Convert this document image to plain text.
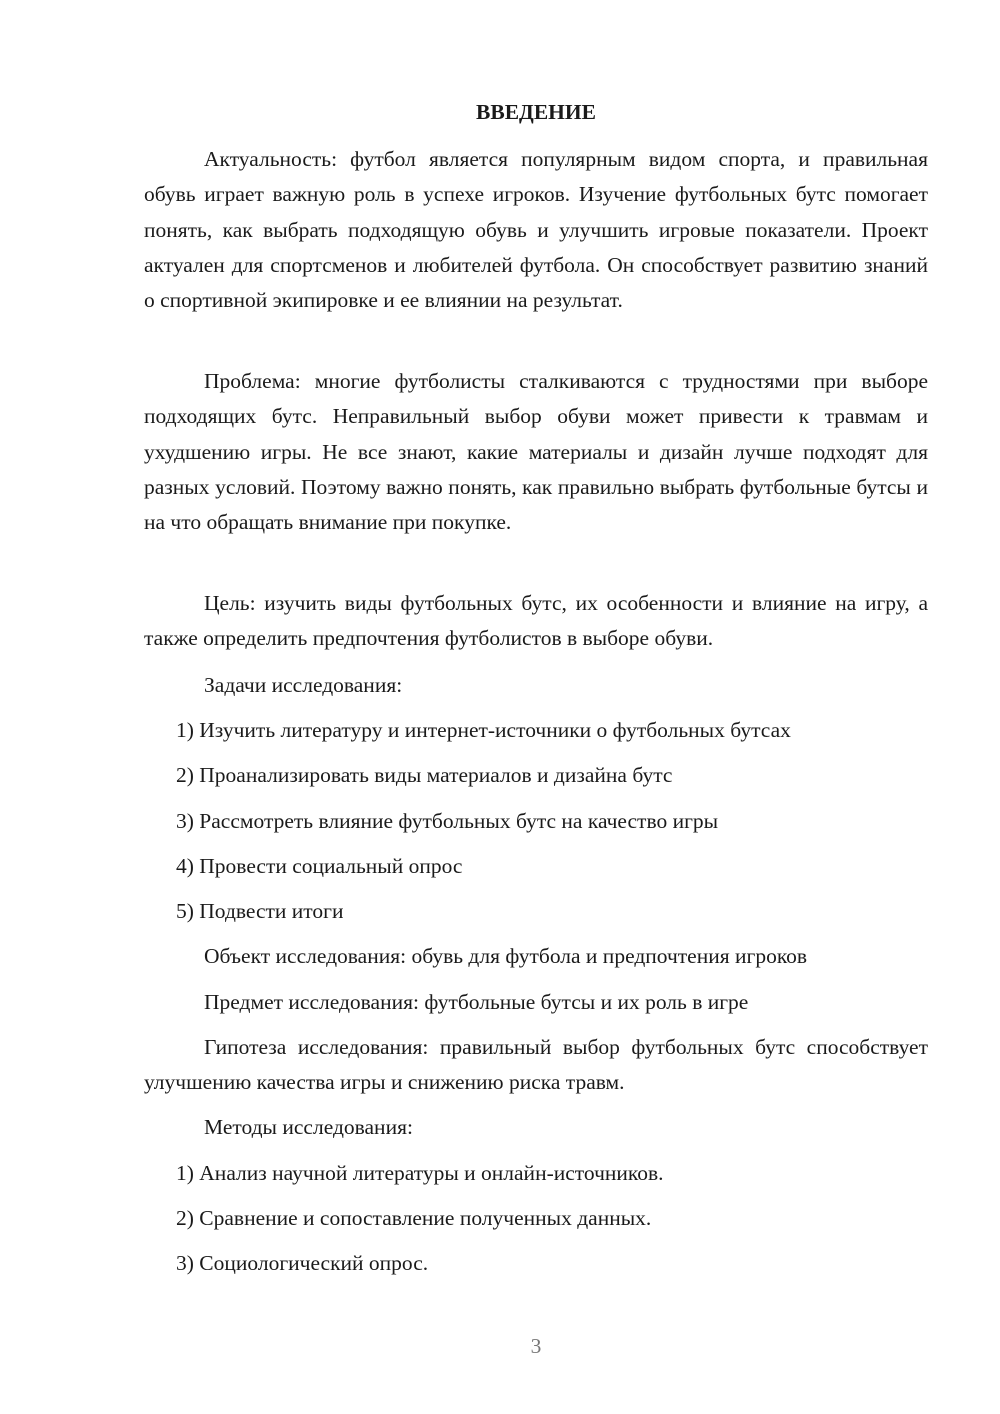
ВВЕДЕНИЕ

Актуальность: футбол является популярным видом спорта, и правильная обувь играет важную роль в успехе игроков. Изучение футбольных бутс помогает понять, как выбрать подходящую обувь и улучшить игровые показатели. Проект актуален для спортсменов и любителей футбола. Он способствует развитию знаний о спортивной экипировке и ее влиянии на результат.

Проблема: многие футболисты сталкиваются с трудностями при выборе подходящих бутс. Неправильный выбор обуви может привести к травмам и ухудшению игры. Не все знают, какие материалы и дизайн лучше подходят для разных условий. Поэтому важно понять, как правильно выбрать футбольные бутсы и на что обращать внимание при покупке.

Цель: изучить виды футбольных бутс, их особенности и влияние на игру, а также определить предпочтения футболистов в выборе обуви.

Задачи исследования:
1) Изучить литературу и интернет-источники о футбольных бутсах
2) Проанализировать виды материалов и дизайна бутс
3) Рассмотреть влияние футбольных бутс на качество игры
4) Провести социальный опрос
5) Подвести итоги
Объект исследования: обувь для футбола и предпочтения игроков
Предмет исследования: футбольные бутсы и их роль в игре

Гипотеза исследования: правильный выбор футбольных бутс способствует улучшению качества игры и снижению риска травм.

Методы исследования:
1) Анализ научной литературы и онлайн-источников.
2) Сравнение и сопоставление полученных данных.
3) Социологический опрос.
3
